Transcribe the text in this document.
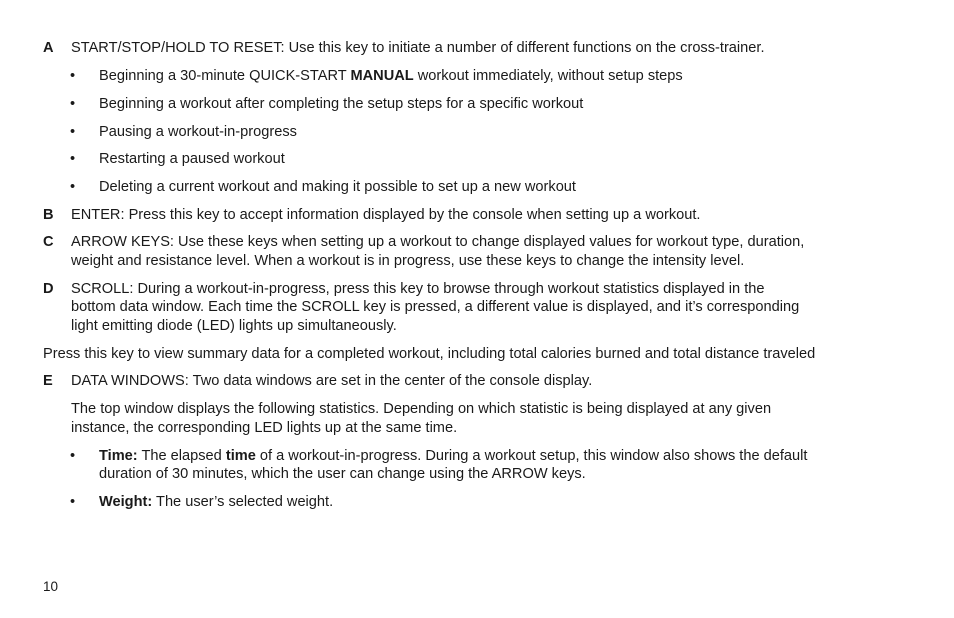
A START/STOP/HOLD TO RESET: Use this key to initiate a number of different functions on the cross-trainer.
• Beginning a 30-minute QUICK-START MANUAL workout immediately, without setup steps
• Beginning a workout after completing the setup steps for a specific workout
• Pausing a workout-in-progress
• Restarting a paused workout
• Deleting a current workout and making it possible to set up a new workout
B ENTER: Press this key to accept information displayed by the console when setting up a workout.
C ARROW KEYS: Use these keys when setting up a workout to change displayed values for workout type, duration,
weight and resistance level. When a workout is in progress, use these keys to change the intensity level.
D SCROLL: During a workout-in-progress, press this key to browse through workout statistics displayed in the
bottom data window. Each time the SCROLL key is pressed, a different value is displayed, and it’s corresponding
light emitting diode (LED) lights up simultaneously.
Press this key to view summary data for a completed workout, including total calories burned and total distance traveled
E DATA WINDOWS: Two data windows are set in the center of the console display.
The top window displays the following statistics. Depending on which statistic is being displayed at any given
instance, the corresponding LED lights up at the same time.
• Time: The elapsed time of a workout-in-progress. During a workout setup, this window also shows the default
duration of 30 minutes, which the user can change using the ARROW keys.
• Weight: The user’s selected weight.
10
